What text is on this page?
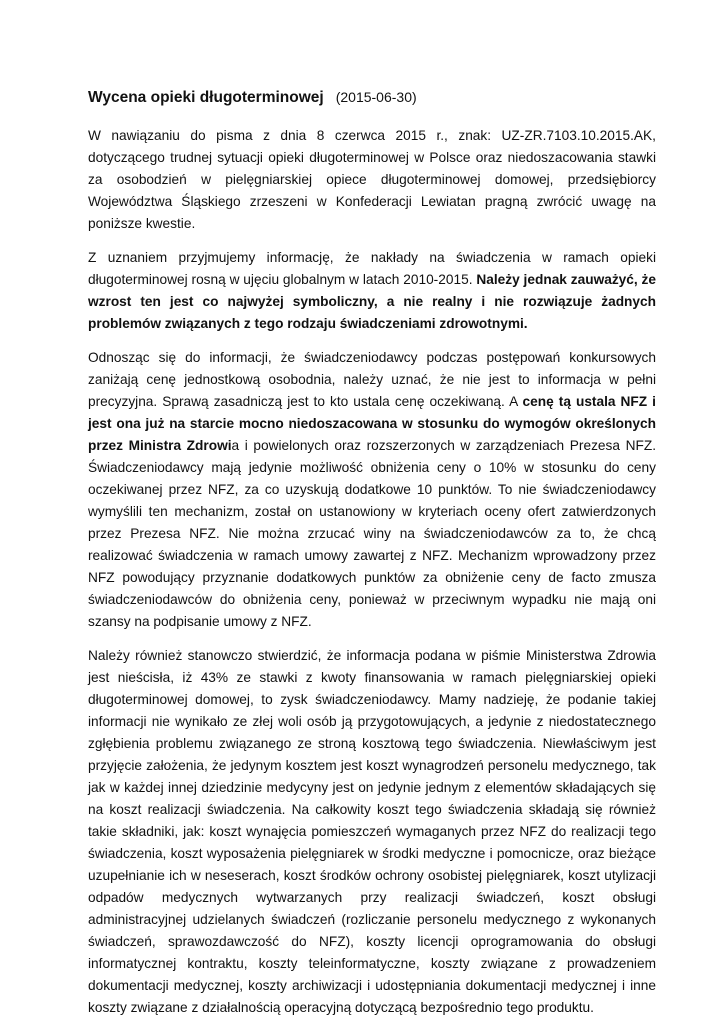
Wycena opieki długoterminowej (2015-06-30)

W nawiązaniu do pisma z dnia 8 czerwca 2015 r., znak: UZ-ZR.7103.10.2015.AK, dotyczącego trudnej sytuacji opieki długoterminowej w Polsce oraz niedoszacowania stawki za osobodzień w pielęgniarskiej opiece długoterminowej domowej, przedsiębiorcy Województwa Śląskiego zrzeszeni w Konfederacji Lewiatan pragną zwrócić uwagę na poniższe kwestie.

Z uznaniem przyjmujemy informację, że nakłady na świadczenia w ramach opieki długoterminowej rosną w ujęciu globalnym w latach 2010-2015. Należy jednak zauważyć, że wzrost ten jest co najwyżej symboliczny, a nie realny i nie rozwiązuje żadnych problemów związanych z tego rodzaju świadczeniami zdrowotnymi.

Odnosząc się do informacji, że świadczeniodawcy podczas postępowań konkursowych zaniżają cenę jednostkową osobodnia, należy uznać, że nie jest to informacja w pełni precyzyjna. Sprawą zasadniczą jest to kto ustala cenę oczekiwaną. A cenę tą ustala NFZ i jest ona już na starcie mocno niedoszacowana w stosunku do wymogów określonych przez Ministra Zdrowia i powielonych oraz rozszerzonych w zarządzeniach Prezesa NFZ. Świadczeniodawcy mają jedynie możliwość obniżenia ceny o 10% w stosunku do ceny oczekiwanej przez NFZ, za co uzyskują dodatkowe 10 punktów. To nie świadczeniodawcy wymyślili ten mechanizm, został on ustanowiony w kryteriach oceny ofert zatwierdzonych przez Prezesa NFZ. Nie można zrzucać winy na świadczeniodawców za to, że chcą realizować świadczenia w ramach umowy zawartej z NFZ. Mechanizm wprowadzony przez NFZ powodujący przyznanie dodatkowych punktów za obniżenie ceny de facto zmusza świadczeniodawców do obniżenia ceny, ponieważ w przeciwnym wypadku nie mają oni szansy na podpisanie umowy z NFZ.

Należy również stanowczo stwierdzić, że informacja podana w piśmie Ministerstwa Zdrowia jest nieścisła, iż 43% ze stawki z kwoty finansowania w ramach pielęgniarskiej opieki długoterminowej domowej, to zysk świadczeniodawcy. Mamy nadzieję, że podanie takiej informacji nie wynikało ze złej woli osób ją przygotowujących, a jedynie z niedostatecznego zgłębienia problemu związanego ze stroną kosztową tego świadczenia. Niewłaściwym jest przyjęcie założenia, że jedynym kosztem jest koszt wynagrodzeń personelu medycznego, tak jak w każdej innej dziedzinie medycyny jest on jedynie jednym z elementów składających się na koszt realizacji świadczenia. Na całkowity koszt tego świadczenia składają się również takie składniki, jak: koszt wynajęcia pomieszczeń wymaganych przez NFZ do realizacji tego świadczenia, koszt wyposażenia pielęgniarek w środki medyczne i pomocnicze, oraz bieżące uzupełnianie ich w neseserach, koszt środków ochrony osobistej pielęgniarek, koszt utylizacji odpadów medycznych wytwarzanych przy realizacji świadczeń, koszt obsługi administracyjnej udzielanych świadczeń (rozliczanie personelu medycznego z wykonanych świadczeń, sprawozdawczość do NFZ), koszty licencji oprogramowania do obsługi informatycznej kontraktu, koszty teleinformatyczne, koszty związane z prowadzeniem dokumentacji medycznej, koszty archiwizacji i udostępniania dokumentacji medycznej i inne koszty związane z działalnością operacyjną dotyczącą bezpośrednio tego produktu.
